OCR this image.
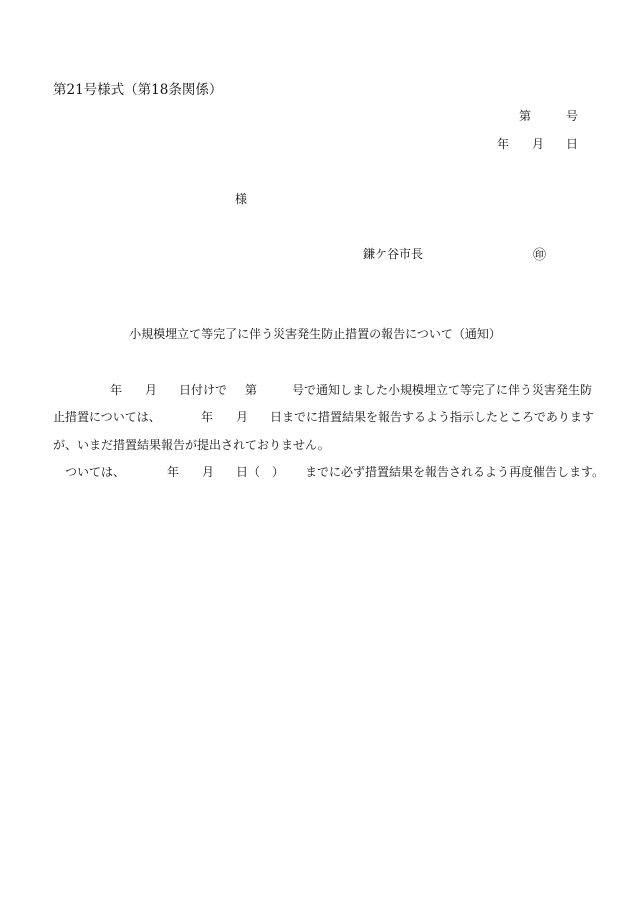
第21号様式（第18条関係）
第	号
年 月 日
様
鎌ケ谷市長	㊞
小規模埋立て等完了に伴う災害発生防止措置の報告について（通知）
年 月 日付けで 第	号で通知しました小規模埋立て等完了に伴う災害発生防
止措置については、	年 月 日までに措置結果を報告するよう指示したところであります
が、いまだ措置結果報告が提出されておりません。
ついては、	年 月 日（　） までに必ず措置結果を報告されるよう再度催告します。
